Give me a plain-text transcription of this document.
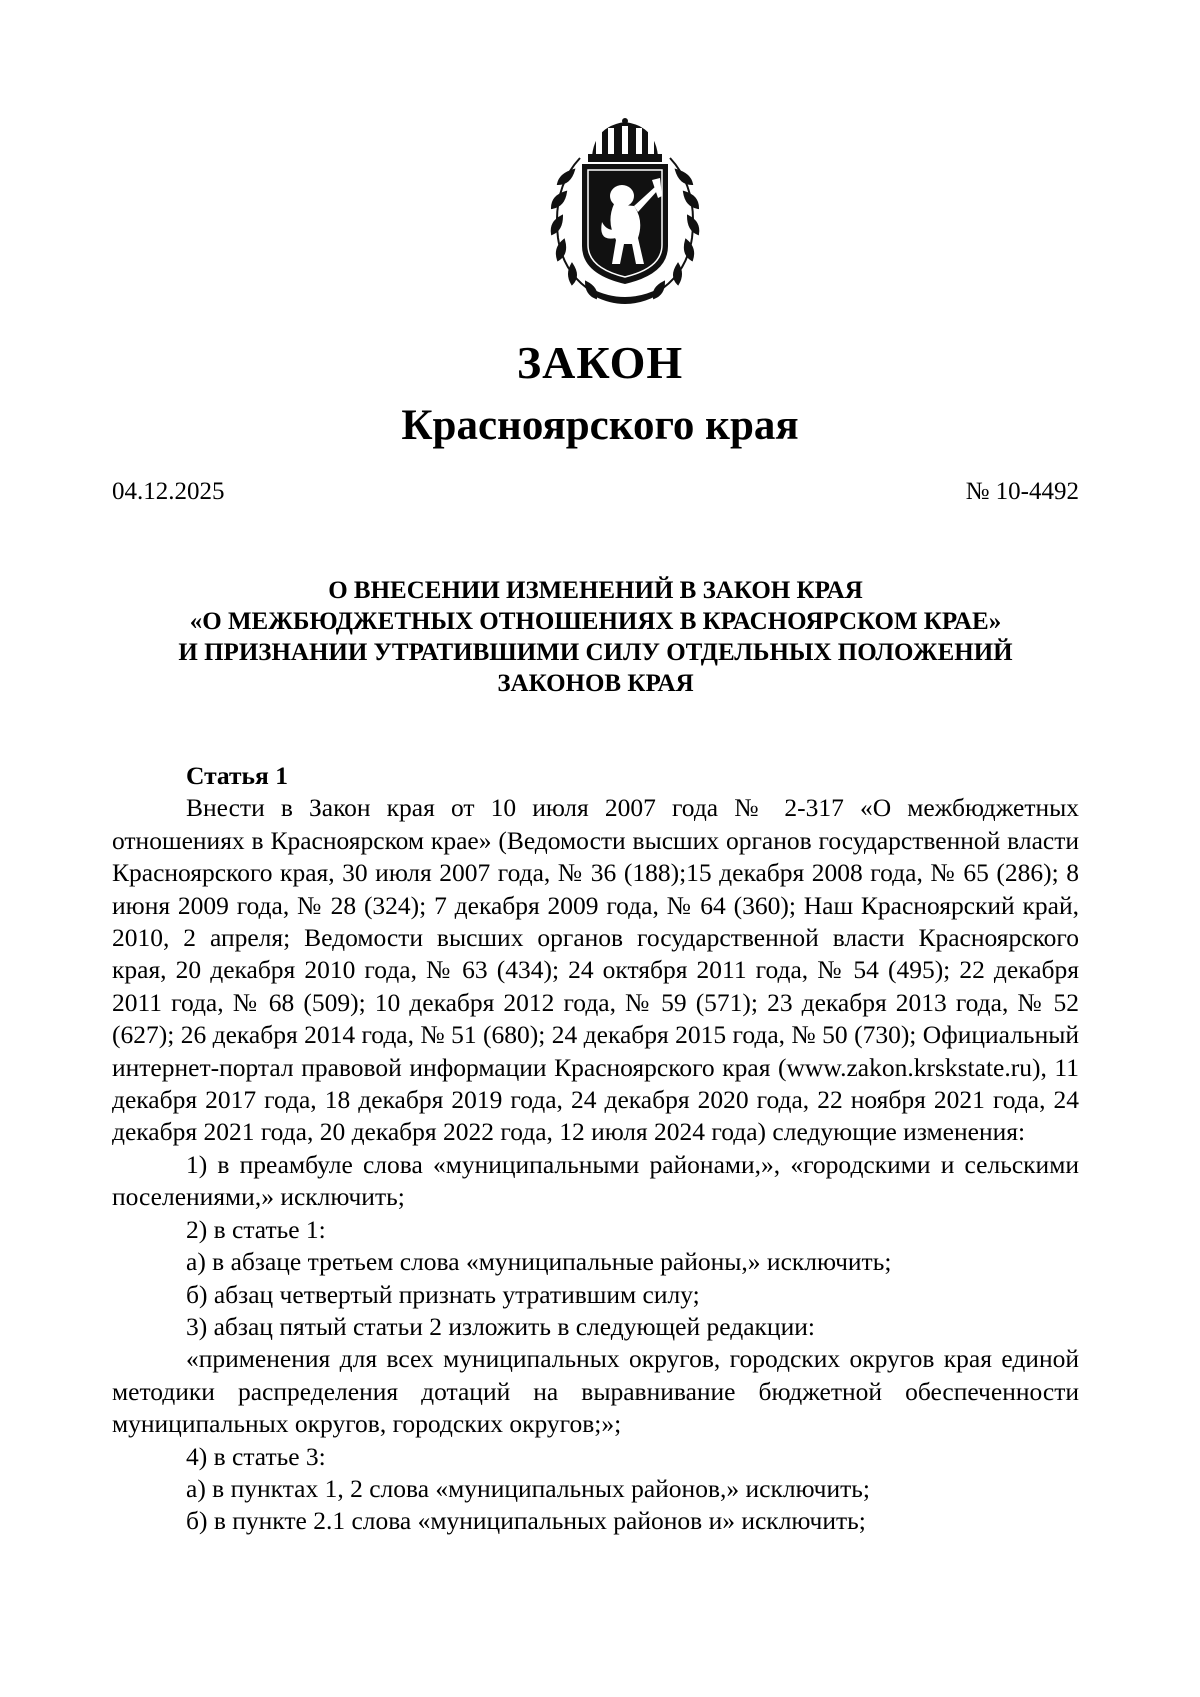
ЗАКОН
Красноярского края
04.12.2025	№ 10-4492
О ВНЕСЕНИИ ИЗМЕНЕНИЙ В ЗАКОН КРАЯ
«О МЕЖБЮДЖЕТНЫХ ОТНОШЕНИЯХ В КРАСНОЯРСКОМ КРАЕ»
И ПРИЗНАНИИ УТРАТИВШИМИ СИЛУ ОТДЕЛЬНЫХ ПОЛОЖЕНИЙ
ЗАКОНОВ КРАЯ
Статья 1

Внести в Закон края от 10 июля 2007 года № 2-317 «О межбюджетных отношениях в Красноярском крае» (Ведомости высших органов государственной власти Красноярского края, 30 июля 2007 года, № 36 (188);15 декабря 2008 года, № 65 (286); 8 июня 2009 года, № 28 (324); 7 декабря 2009 года, № 64 (360); Наш Красноярский край, 2010, 2 апреля; Ведомости высших органов государственной власти Красноярского края, 20 декабря 2010 года, № 63 (434); 24 октября 2011 года, № 54 (495); 22 декабря 2011 года, № 68 (509); 10 декабря 2012 года, № 59 (571); 23 декабря 2013 года, № 52 (627); 26 декабря 2014 года, № 51 (680); 24 декабря 2015 года, № 50 (730); Официальный интернет-портал правовой информации Красноярского края (www.zakon.krskstate.ru), 11 декабря 2017 года, 18 декабря 2019 года, 24 декабря 2020 года, 22 ноября 2021 года, 24 декабря 2021 года, 20 декабря 2022 года, 12 июля 2024 года) следующие изменения:

1) в преамбуле слова «муниципальными районами,», «городскими и сельскими поселениями,» исключить;

2) в статье 1:
а) в абзаце третьем слова «муниципальные районы,» исключить;
б) абзац четвертый признать утратившим силу;
3) абзац пятый статьи 2 изложить в следующей редакции:

«применения для всех муниципальных округов, городских округов края единой методики распределения дотаций на выравнивание бюджетной обеспеченности муниципальных округов, городских округов;»;

4) в статье 3:
а) в пунктах 1, 2 слова «муниципальных районов,» исключить;
б) в пункте 2.1 слова «муниципальных районов и» исключить;
